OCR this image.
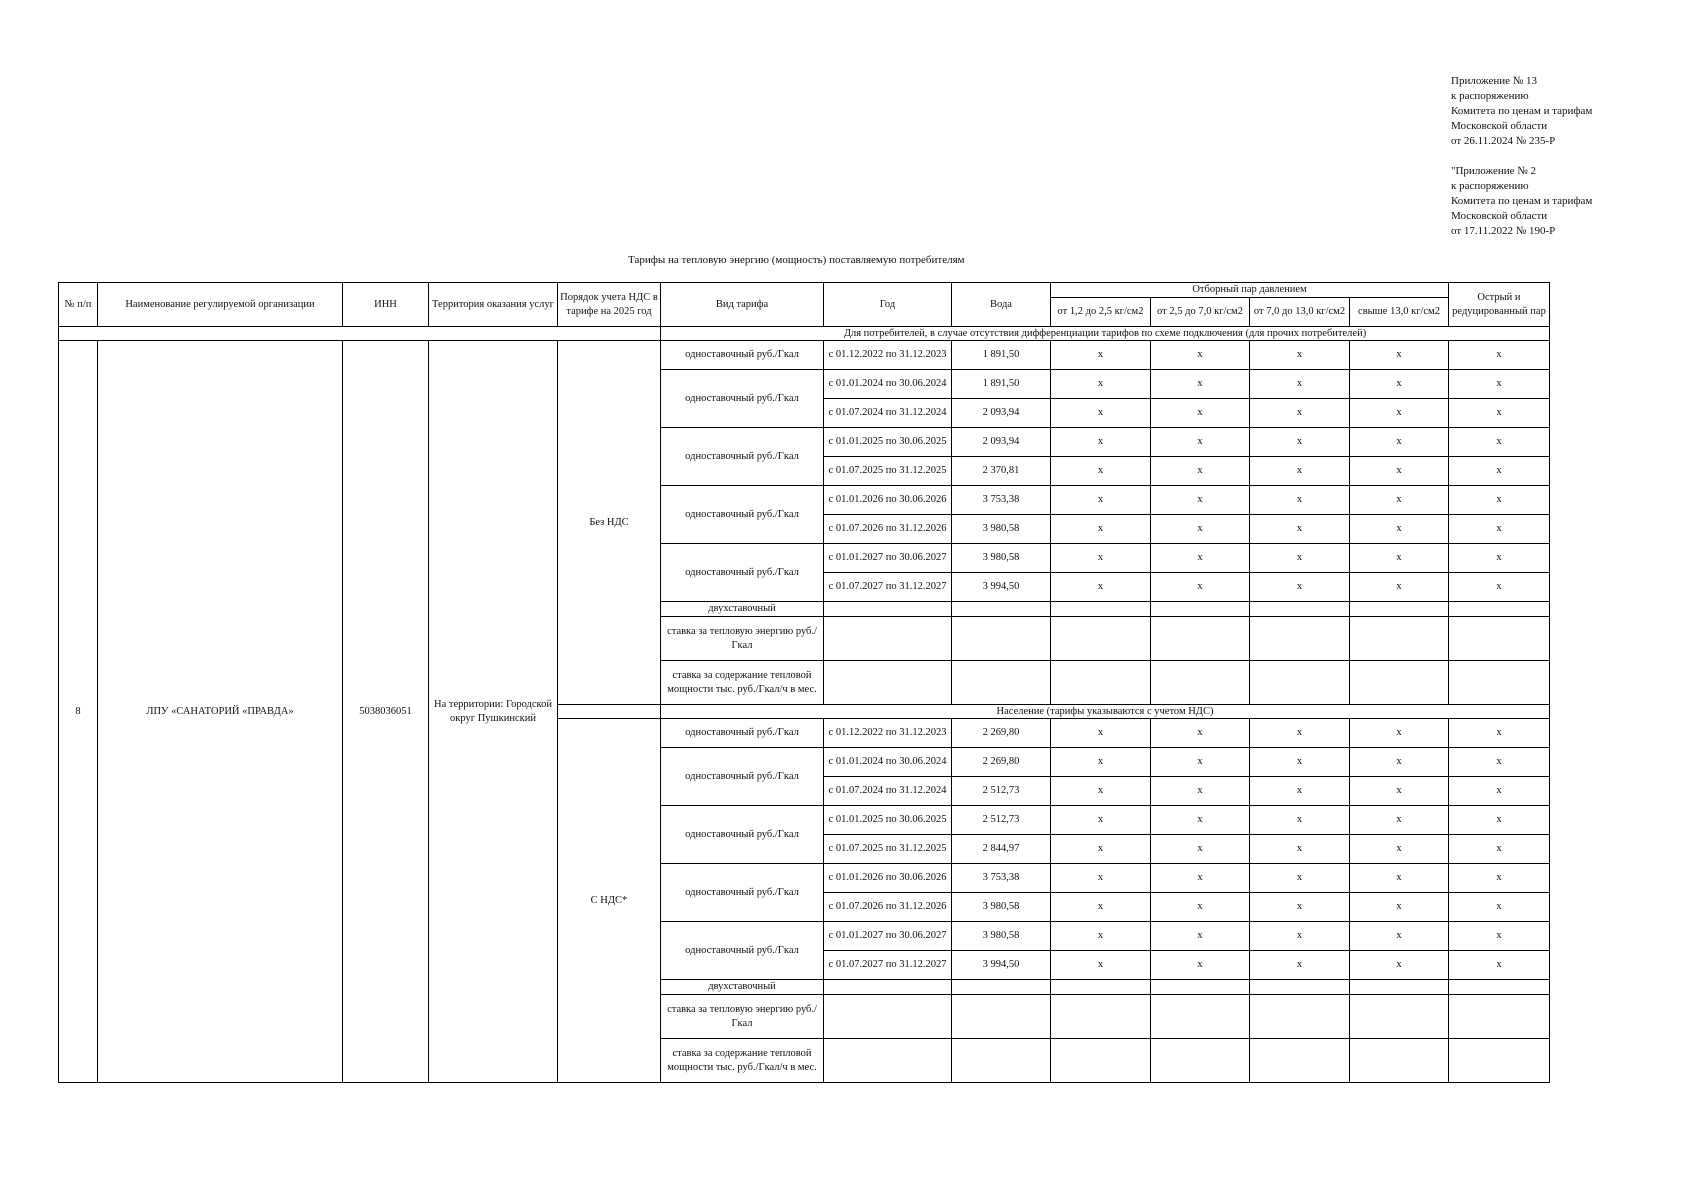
Приложение № 13
к распоряжению
Комитета по ценам и тарифам
Московской области
от 26.11.2024 № 235-Р
"Приложение № 2
к распоряжению
Комитета по ценам и тарифам
Московской области
от 17.11.2022 № 190-Р
Тарифы на тепловую энергию (мощность) поставляемую потребителям
№ п/п	Наименование регулируемой организации	ИНН	Территория оказания услуг	Порядок учета НДС в тарифе на 2025 год	Вид тарифа	Год	Вода	Отборный пар давлением				Острый и редуцированный пар
								от 1,2 до 2,5 кг/см2	от 2,5 до 7,0 кг/см2	от 7,0 до 13,0 кг/см2	свыше 13,0 кг/см2	
					Для потребителей, в случае отсутствия дифференциации тарифов по схеме подключения (для прочих потребителей)							
8	ЛПУ «САНАТОРИЙ «ПРАВДА»	5038036051	На территории: Городской округ Пушкинский	Без НДС	одноставочный руб./Гкал	с 01.12.2022 по 31.12.2023	1 891,50	х	х	х	х	х
					одноставочный руб./Гкал	с 01.01.2024 по 30.06.2024	1 891,50	х	х	х	х	х
						с 01.07.2024 по 31.12.2024	2 093,94	х	х	х	х	х
					одноставочный руб./Гкал	с 01.01.2025 по 30.06.2025	2 093,94	х	х	х	х	х
						с 01.07.2025 по 31.12.2025	2 370,81	х	х	х	х	х
					одноставочный руб./Гкал	с 01.01.2026 по 30.06.2026	3 753,38	х	х	х	х	х
						с 01.07.2026 по 31.12.2026	3 980,58	х	х	х	х	х
					одноставочный руб./Гкал	с 01.01.2027 по 30.06.2027	3 980,58	х	х	х	х	х
						с 01.07.2027 по 31.12.2027	3 994,50	х	х	х	х	х
					двухставочный							
					ставка за тепловую энергию руб./Гкал							
					ставка за содержание тепловой мощности тыс. руб./Гкал/ч в мес.							
					Население (тарифы указываются с учетом НДС)							
				С НДС*	одноставочный руб./Гкал	с 01.12.2022 по 31.12.2023	2 269,80	х	х	х	х	х
					одноставочный руб./Гкал	с 01.01.2024 по 30.06.2024	2 269,80	х	х	х	х	х
						с 01.07.2024 по 31.12.2024	2 512,73	х	х	х	х	х
					одноставочный руб./Гкал	с 01.01.2025 по 30.06.2025	2 512,73	х	х	х	х	х
						с 01.07.2025 по 31.12.2025	2 844,97	х	х	х	х	х
					одноставочный руб./Гкал	с 01.01.2026 по 30.06.2026	3 753,38	х	х	х	х	х
						с 01.07.2026 по 31.12.2026	3 980,58	х	х	х	х	х
					одноставочный руб./Гкал	с 01.01.2027 по 30.06.2027	3 980,58	х	х	х	х	х
						с 01.07.2027 по 31.12.2027	3 994,50	х	х	х	х	х
					двухставочный							
					ставка за тепловую энергию руб./Гкал							
					ставка за содержание тепловой мощности тыс. руб./Гкал/ч в мес.							
